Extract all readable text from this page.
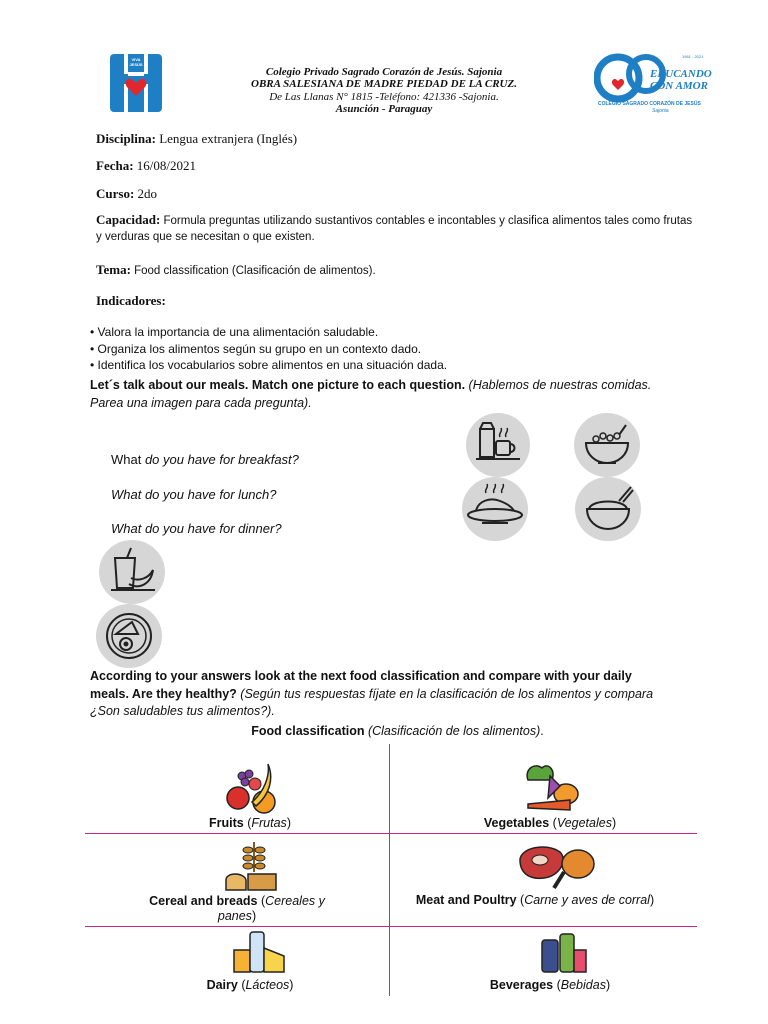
VIVA JESÚS
Colegio Privado Sagrado Corazón de Jesús. Sajonia
OBRA SALESIANA DE MADRE PIEDAD DE LA CRUZ.
De Las Llanas N° 1815 -Teléfono: 421336 -Sajonia.
Asunción - Paraguay
1961 - 2021
EDUCANDO
CON AMOR
COLEGIO SAGRADO CORAZÓN DE JESÚS
Sajonia
Disciplina: Lengua extranjera (Inglés)
Fecha: 16/08/2021
Curso: 2do
Capacidad: Formula preguntas utilizando sustantivos contables e incontables y clasifica alimentos tales como frutas
y verduras que se necesitan o que existen.
Tema: Food classification (Clasificación de alimentos).
Indicadores:
• Valora la importancia de una alimentación saludable.
• Organiza los alimentos según su grupo en un contexto dado.
• Identifica los vocabularios sobre alimentos en una situación dada.
Let´s talk about our meals. Match one picture to each question. (Hablemos de nuestras comidas.
Parea una imagen para cada pregunta).
What do you have for breakfast?
What do you have for lunch?
What do you have for dinner?
According to your answers look at the next food classification and compare with your daily
meals. Are they healthy? (Según tus respuestas fíjate en la clasificación de los alimentos y compara
¿Son saludables tus alimentos?).
Food classification (Clasificación de los alimentos).
Fruits (Frutas)	Vegetables (Vegetales)
Cereal and breads (Cereales y
panes)
Meat and Poultry (Carne y aves de corral)
Dairy (Lácteos)	Beverages (Bebidas)
